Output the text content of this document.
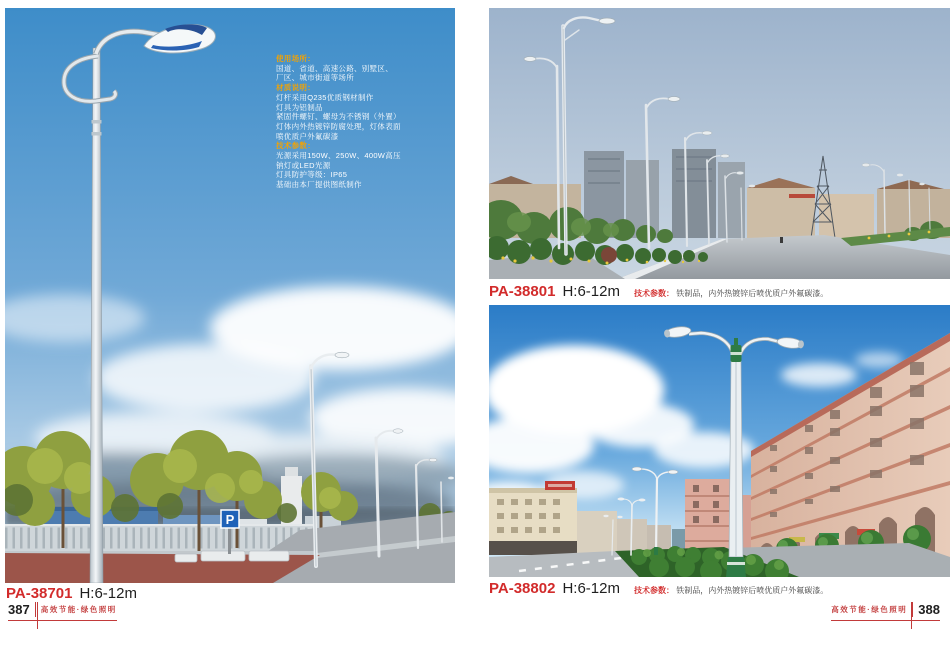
P
使用场所：
国道、省道、高速公路、别墅区、
厂区、城市街道等场所
材质说明：
灯杆采用Q235优质钢材制作
灯具为铝制品
紧固件螺钉、螺母为不锈钢（外置）
灯体内外热镀锌防腐处理，灯体表面
喷优质户外氟碳漆
技术参数：
光源采用150W、250W、400W高压
钠灯或LED光源
灯具防护等级：IP65
基础由本厂提供图纸制作
PA-38701 H:6-12m
PA-38801 H:6-12m 技术参数： 铁制品，内外热镀锌后喷优质户外氟碳漆。
PA-38802 H:6-12m 技术参数： 铁制品，内外热镀锌后喷优质户外氟碳漆。
387 高效节能·绿色照明	高效节能·绿色照明 388
